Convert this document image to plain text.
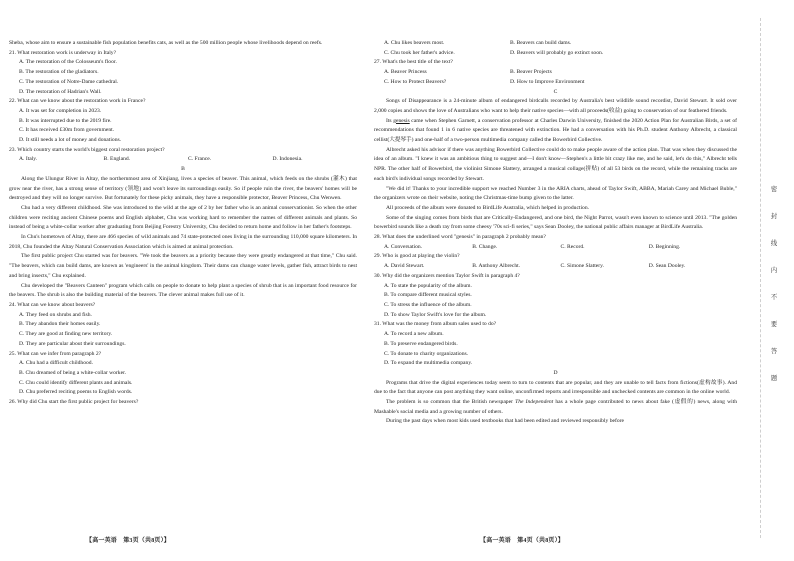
Sheba, whose aim to ensure a sustainable fish population benefits cats, as well as the 500 million people whose livelihoods depend on reefs.

21. What restoration work is underway in Italy?

A. The restoration of the Colosseum's floor.

B. The restoration of the gladiators.

C. The restoration of Notre-Dame cathedral.

D. The restoration of Hadrian's Wall.

22. What can we know about the restoration work in France?

A. It was set for completion in 2023.

B. It was interrupted due to the 2019 fire.

C. It has received £30m from government.

D. It still needs a lot of money and donations.

23. Which country starts the world's biggest coral restoration project?

A. Italy.	B. England.	C. France.	D. Indonesia.

B

Along the Ulungur River in Altay, the northernmost area of Xinjiang, lives a species of beaver. This animal, which feeds on the shrubs (灌木) that grow near the river, has a strong sense of territory (领地) and won't leave its surroundings easily. So if people ruin the river, the beavers' homes will be destroyed and they will no longer survive. But fortunately for these picky animals, they have a responsible protector, Beaver Princess, Chu Wenwen.

Chu had a very different childhood. She was introduced to the wild at the age of 2 by her father who is an animal conservationist. So when the other children were reciting ancient Chinese poems and English alphabet, Chu was working hard to remember the names of different animals and plants. So instead of being a white-collar worker after graduating from Beijing Forestry University, Chu decided to return home and follow in her father's footsteps.

In Chu's hometown of Altay, there are 466 species of wild animals and 74 state-protected ones living in the surrounding 110,000 square kilometers. In 2018, Chu founded the Altay Natural Conservation Association which is aimed at animal protection.

The first public project Chu started was for beavers. "We took the beavers as a priority because they were greatly endangered at that time," Chu said. "The beavers, which can build dams, are known as 'engineers' in the animal kingdom. Their dams can change water levels, gather fish, attract birds to nest and bring insects," Chu explained.

Chu developed the "Beavers Canteen" program which calls on people to donate to help plant a species of shrub that is an important food resource for the beavers. The shrub is also the building material of the beavers. The clever animal makes full use of it.

24. What can we know about beavers?

A. They feed on shrubs and fish.

B. They abandon their homes easily.

C. They are good at finding new territory.

D. They are particular about their surroundings.

25. What can we infer from paragraph 2?

A. Chu had a difficult childhood.

B. Chu dreamed of being a white-collar worker.

C. Chu could identify different plants and animals.

D. Chu preferred reciting poems to English words.

26. Why did Chu start the first public project for beavers?

A. Chu likes beavers most.	B. Beavers can build dams.
C. Chu took her father's advice.	D. Beavers will probably go extinct soon.

27. What's the best title of the text?

A. Beaver Princess	B. Beaver Projects
C. How to Protect Beavers?	D. How to Improve Environment

C

Songs of Disappearance is a 24-minute album of endangered birdcalls recorded by Australia's best wildlife sound recordist, David Stewart. It sold over 2,000 copies and shows the love of Australians who want to help their native species—with all proceeds(收益) going to conservation of our feathered friends.

Its genesis came when Stephen Garnett, a conservation professor at Charles Darwin University, finished the 2020 Action Plan for Australian Birds, a set of recommendations that found 1 in 6 native species are threatened with extinction. He had a conversation with his Ph.D. student Anthony Albrecht, a classical cellist(大提琴手) and one-half of a two-person multimedia company called the Bowerbird Collective.

Albrecht asked his advisor if there was anything Bowerbird Collective could do to make people aware of the action plan. That was when they discussed the idea of an album. "I knew it was an ambitious thing to suggest and—I don't know—Stephen's a little bit crazy like me, and he said, let's do this," Albrecht tells NPR. The other half of Bowerbird, the violinist Simone Slattery, arranged a musical collage(拼贴) of all 53 birds on the record, while the remaining tracks are each bird's individual songs recorded by Stewart.

"We did it! Thanks to your incredible support we reached Number 3 in the ARIA charts, ahead of Taylor Swift, ABBA, Mariah Carey and Michael Buble," the organizers wrote on their website, noting the Christmas-time bump given to the latter.

All proceeds of the album were donated to BirdLife Australia, which helped in production.

Some of the singing comes from birds that are Critically-Endangered, and one bird, the Night Parrot, wasn't even known to science until 2013. "The golden bowerbird sounds like a death ray from some cheesy '70s sci-fi series," says Sean Dooley, the national public affairs manager at BirdLife Australia.

28. What does the underlined word "genesis" in paragraph 2 probably mean?

A. Conversation.	B. Change.	C. Record.	D. Beginning.

29. Who is good at playing the violin?

A. David Stewart.	B. Anthony Albrecht.	C. Simone Slattery.	D. Sean Dooley.

30. Why did the organizers mention Taylor Swift in paragraph 4?

A. To state the popularity of the album.

B. To compare different musical styles.

C. To stress the influence of the album.

D. To show Taylor Swift's love for the album.

31. What was the money from album sales used to do?

A. To record a new album.

B. To preserve endangered birds.

C. To donate to charity organizations.

D. To expand the multimedia company.

D

Programs that drive the digital experiences today seem to turn to contents that are popular, and they are unable to tell facts from fictions(虚构故事). And due to the fact that anyone can post anything they want online, unconfirmed reports and irresponsible and unchecked contents are common in the online world.

The problem is so common that the British newspaper The Independent has a whole page contributed to news about fake (虚假的) news, along with Mashable's social media and a growing number of others.

During the past days when most kids used textbooks that had been edited and reviewed responsibly before

【高一英语　第3页（共8页）】	【高一英语　第4页（共8页）】
密
封
线
内
不
要
答
题
